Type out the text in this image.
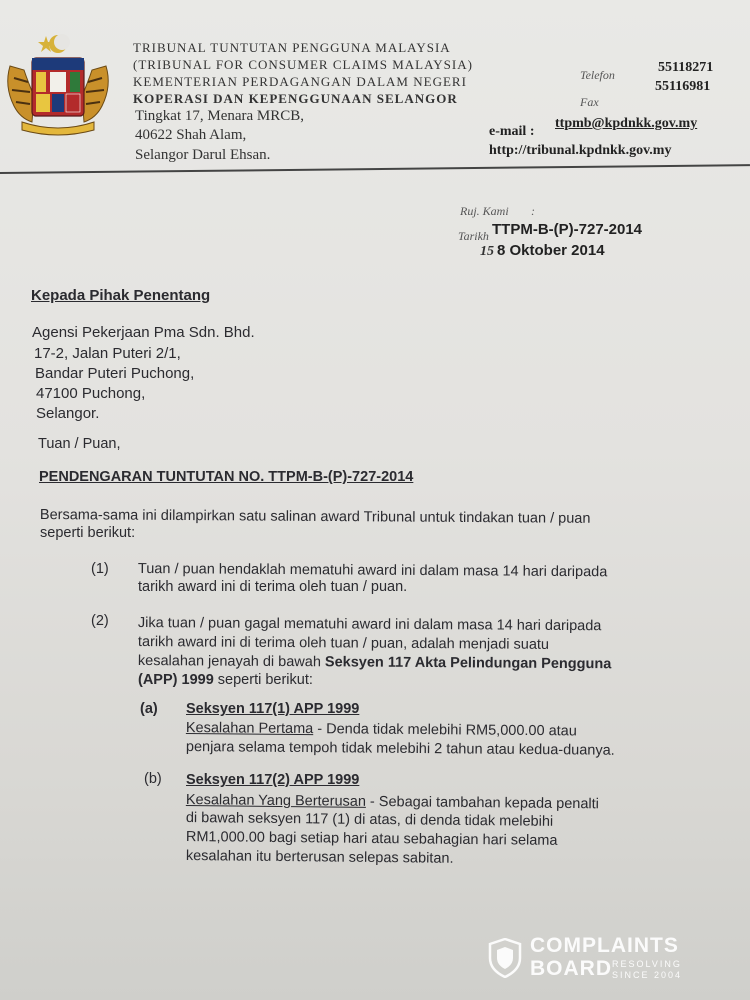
TRIBUNAL TUNTUTAN PENGGUNA MALAYSIA
(TRIBUNAL FOR CONSUMER CLAIMS MALAYSIA)
KEMENTERIAN PERDAGANGAN DALAM NEGERI
KOPERASI DAN KEPENGGUNAAN SELANGOR
Tingkat 17, Menara MRCB,
40622 Shah Alam,
Selangor Darul Ehsan.
Telefon	55118271
55116981
Fax
e-mail :
ttpmb@kpdnkk.gov.my
http://tribunal.kpdnkk.gov.my
Ruj. Kami :
Tarikh TTPM-B-(P)-727-2014
15 8 Oktober 2014
Kepada Pihak Penentang
Agensi Pekerjaan Pma Sdn. Bhd.
17-2, Jalan Puteri 2/1,
Bandar Puteri Puchong,
47100 Puchong,
Selangor.
Tuan / Puan,
PENDENGARAN TUNTUTAN NO. TTPM-B-(P)-727-2014
Bersama-sama ini dilampirkan satu salinan award Tribunal untuk tindakan tuan / puan
seperti berikut:
(1) Tuan / puan hendaklah mematuhi award ini dalam masa 14 hari daripada
tarikh award ini di terima oleh tuan / puan.
(2) Jika tuan / puan gagal mematuhi award ini dalam masa 14 hari daripada
tarikh award ini di terima oleh tuan / puan, adalah menjadi suatu
kesalahan jenayah di bawah Seksyen 117 Akta Pelindungan Pengguna
(APP) 1999 seperti berikut:
(a) Seksyen 117(1) APP 1999
Kesalahan Pertama - Denda tidak melebihi RM5,000.00 atau
penjara selama tempoh tidak melebihi 2 tahun atau kedua-duanya.
(b) Seksyen 117(2) APP 1999
Kesalahan Yang Berterusan - Sebagai tambahan kepada penalti
di bawah seksyen 117 (1) di atas, di denda tidak melebihi
RM1,000.00 bagi setiap hari atau sebahagian hari selama
kesalahan itu berterusan selepas sabitan.
COMPLAINTS
BOARD RESOLVING
SINCE 2004
